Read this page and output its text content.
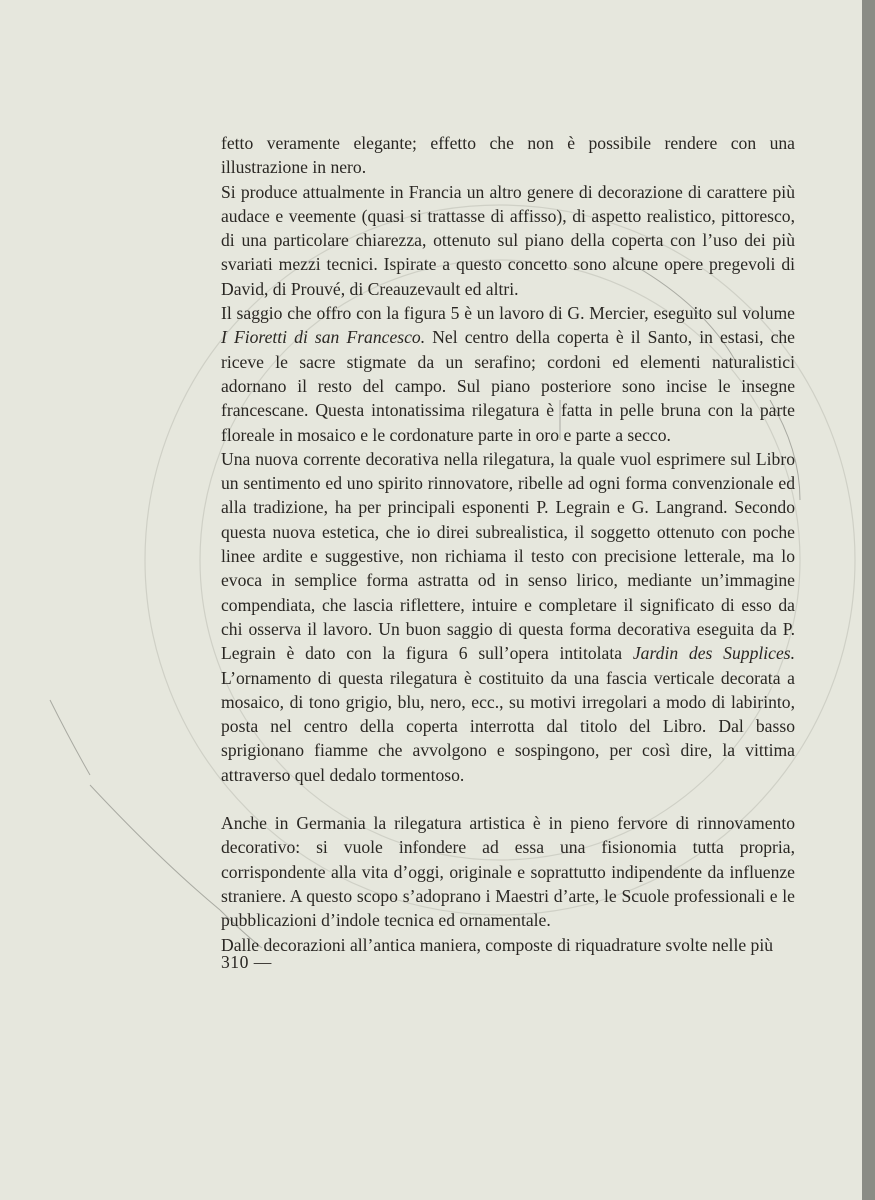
fetto veramente elegante; effetto che non è possibile rendere con una illustrazione in nero.

Si produce attualmente in Francia un altro genere di decorazione di carattere più audace e veemente (quasi si trattasse di affisso), di aspetto realistico, pittoresco, di una particolare chiarezza, ottenuto sul piano della coperta con l’uso dei più svariati mezzi tecnici. Ispirate a questo concetto sono alcune opere pregevoli di David, di Prouvé, di Creauzevault ed altri.

Il saggio che offro con la figura 5 è un lavoro di G. Mercier, eseguito sul volume I Fioretti di san Francesco. Nel centro della coperta è il Santo, in estasi, che riceve le sacre stigmate da un serafino; cordoni ed elementi naturalistici adornano il resto del campo. Sul piano posteriore sono incise le insegne francescane. Questa intonatissima rilegatura è fatta in pelle bruna con la parte floreale in mosaico e le cordonature parte in oro e parte a secco.

Una nuova corrente decorativa nella rilegatura, la quale vuol esprimere sul Libro un sentimento ed uno spirito rinnovatore, ribelle ad ogni forma convenzionale ed alla tradizione, ha per principali esponenti P. Legrain e G. Langrand. Secondo questa nuova estetica, che io direi subrealistica, il soggetto ottenuto con poche linee ardite e suggestive, non richiama il testo con precisione letterale, ma lo evoca in semplice forma astratta od in senso lirico, mediante un’immagine compendiata, che lascia riflettere, intuire e completare il significato di esso da chi osserva il lavoro. Un buon saggio di questa forma decorativa eseguita da P. Legrain è dato con la figura 6 sull’opera intitolata Jardin des Supplices. L’ornamento di questa rilegatura è costituito da una fascia verticale decorata a mosaico, di tono grigio, blu, nero, ecc., su motivi irregolari a modo di labirinto, posta nel centro della coperta interrotta dal titolo del Libro. Dal basso sprigionano fiamme che avvolgono e sospingono, per così dire, la vittima attraverso quel dedalo tormentoso.

Anche in Germania la rilegatura artistica è in pieno fervore di rinnovamento decorativo: si vuole infondere ad essa una fisionomia tutta propria, corrispondente alla vita d’oggi, originale e soprattutto indipendente da influenze straniere. A questo scopo s’adoprano i Maestri d’arte, le Scuole professionali e le pubblicazioni d’indole tecnica ed ornamentale.

Dalle decorazioni all’antica maniera, composte di riquadrature svolte nelle più

310 —
